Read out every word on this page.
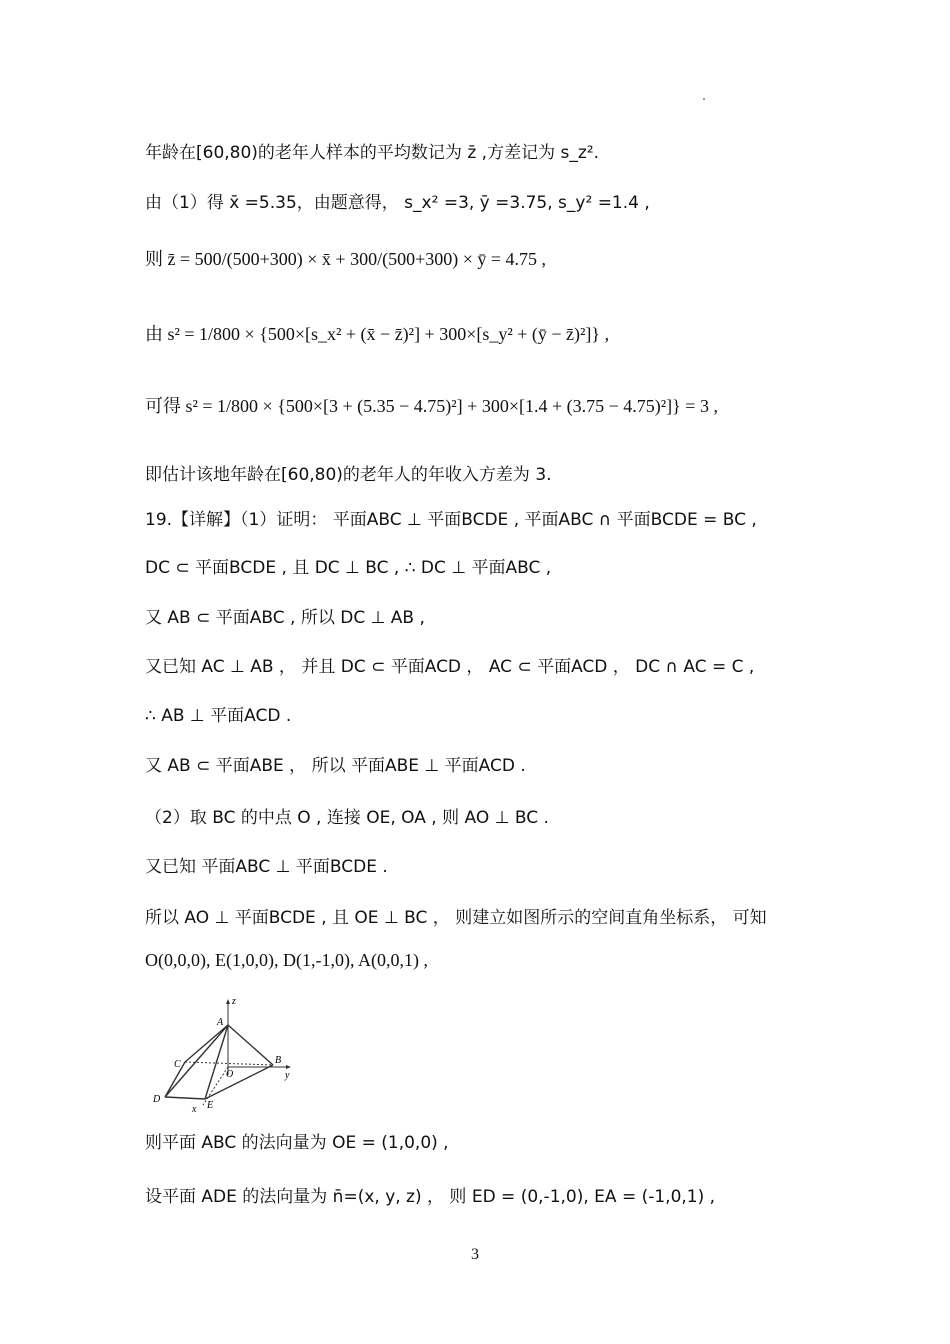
年龄在[60,80)的老年人样本的平均数记为 z̄ ,方差记为 s_z².
由（1）得 x̄ =5.35，由题意得， s_x² =3, ȳ =3.75, s_y² =1.4 ,
则 z̄ = 500/(500+300) × x̄ + 300/(500+300) × ȳ = 4.75 ,
由 s² = 1/800 × {500×[s_x² + (x̄ − z̄)²] + 300×[s_y² + (ȳ − z̄)²]} ,
可得 s² = 1/800 × {500×[3 + (5.35 − 4.75)²] + 300×[1.4 + (3.75 − 4.75)²]} = 3 ,
即估计该地年龄在[60,80)的老年人的年收入方差为 3.
19.【详解】（1）证明： 平面ABC ⊥ 平面BCDE , 平面ABC ∩ 平面BCDE = BC ,
DC ⊂ 平面BCDE , 且 DC ⊥ BC , ∴ DC ⊥ 平面ABC ,
又 AB ⊂ 平面ABC , 所以 DC ⊥ AB ,
又已知 AC ⊥ AB ， 并且 DC ⊂ 平面ACD ， AC ⊂ 平面ACD ， DC ∩ AC = C ,
∴ AB ⊥ 平面ACD .
又 AB ⊂ 平面ABE ， 所以 平面ABE ⊥ 平面ACD .
（2）取 BC 的中点 O , 连接 OE, OA , 则 AO ⊥ BC .
又已知 平面ABC ⊥ 平面BCDE .
所以 AO ⊥ 平面BCDE , 且 OE ⊥ BC ， 则建立如图所示的空间直角坐标系， 可知
O(0,0,0), E(1,0,0), D(1,-1,0), A(0,0,1) ,
z
A
B
y
C
O
D
E
x
则平面 ABC 的法向量为 OE = (1,0,0) ,
设平面 ADE 的法向量为 n̄=(x, y, z) ， 则 ED = (0,-1,0), EA = (-1,0,1) ,
3
